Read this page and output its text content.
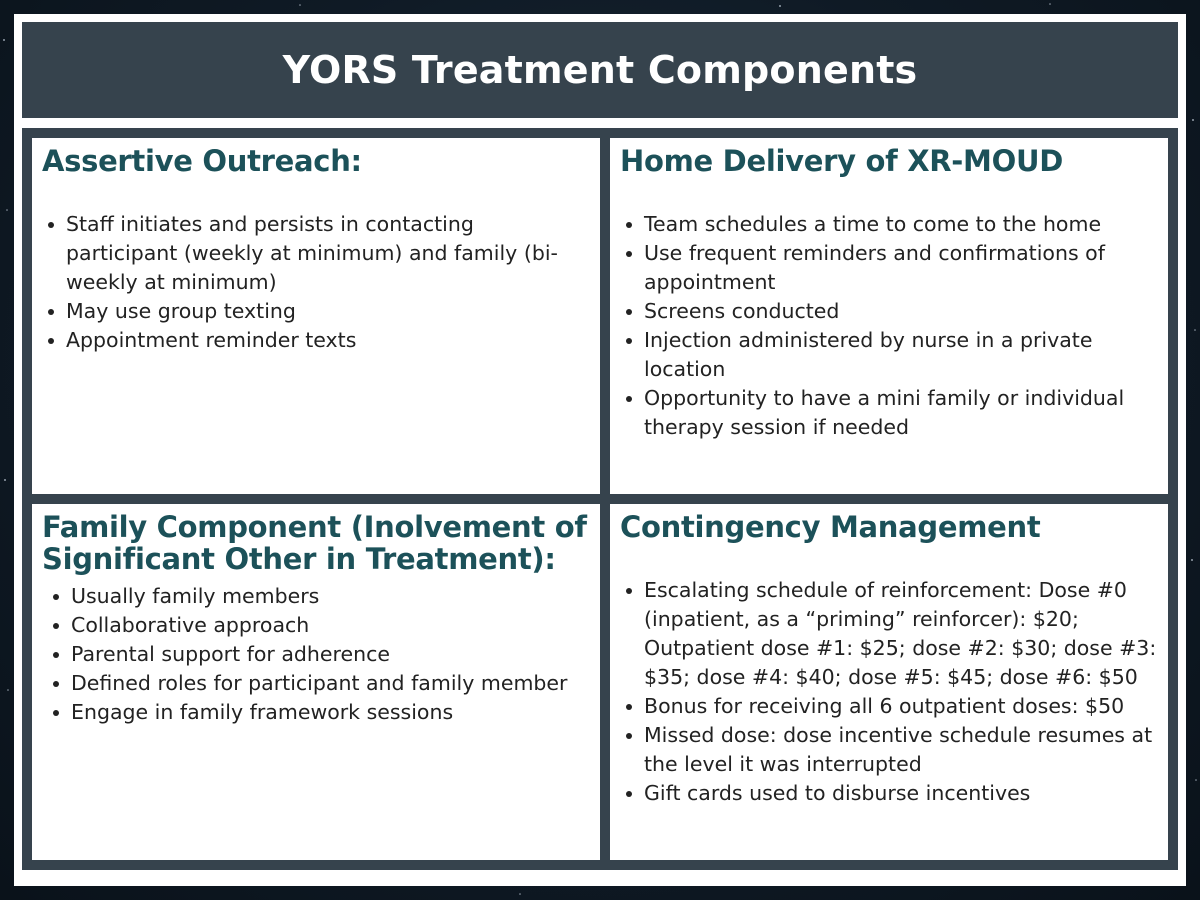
YORS Treatment Components
Assertive Outreach:
Staff initiates and persists in contacting participant (weekly at minimum) and family (bi-weekly at minimum)
May use group texting
Appointment reminder texts
Home Delivery of XR-MOUD
Team schedules a time to come to the home
Use frequent reminders and confirmations of appointment
Screens conducted
Injection administered by nurse in a private location
Opportunity to have a mini family or individual therapy session if needed
Family Component (Inolvement of Significant Other in Treatment):
Usually family members
Collaborative approach
Parental support for adherence
Defined roles for participant and family member
Engage in family framework sessions
Contingency Management
Escalating schedule of reinforcement: Dose #0 (inpatient, as a “priming” reinforcer): $20; Outpatient dose #1: $25; dose #2: $30; dose #3: $35; dose #4: $40; dose #5: $45; dose #6: $50
Bonus for receiving all 6 outpatient doses: $50
Missed dose: dose incentive schedule resumes at the level it was interrupted
Gift cards used to disburse incentives
